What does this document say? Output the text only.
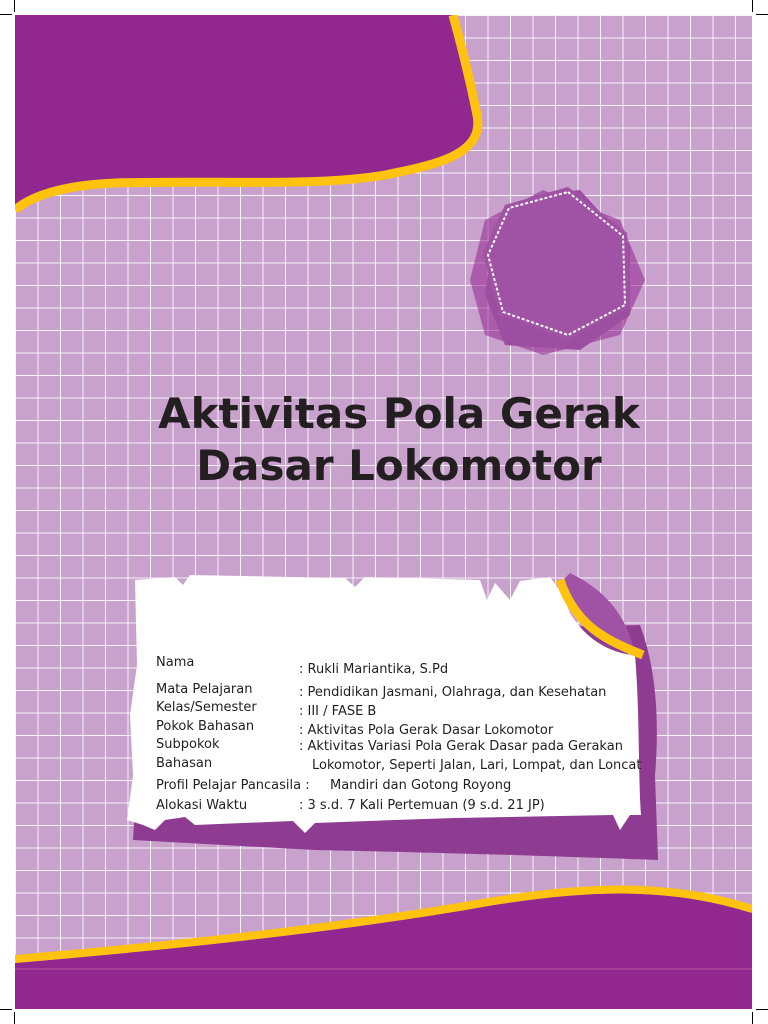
Aktivitas Pola Gerak
Dasar Lokomotor
Nama	: Rukli Mariantika, S.Pd
Mata Pelajaran	: Pendidikan Jasmani, Olahraga, dan Kesehatan
Kelas/Semester	: III / FASE B
Pokok Bahasan	: Aktivitas Pola Gerak Dasar Lokomotor
Subpokok	: Aktivitas Variasi Pola Gerak Dasar pada Gerakan
Bahasan	Lokomotor, Seperti Jalan, Lari, Lompat, dan Loncat
Profil Pelajar Pancasila : Mandiri dan Gotong Royong
Alokasi Waktu	: 3 s.d. 7 Kali Pertemuan (9 s.d. 21 JP)
